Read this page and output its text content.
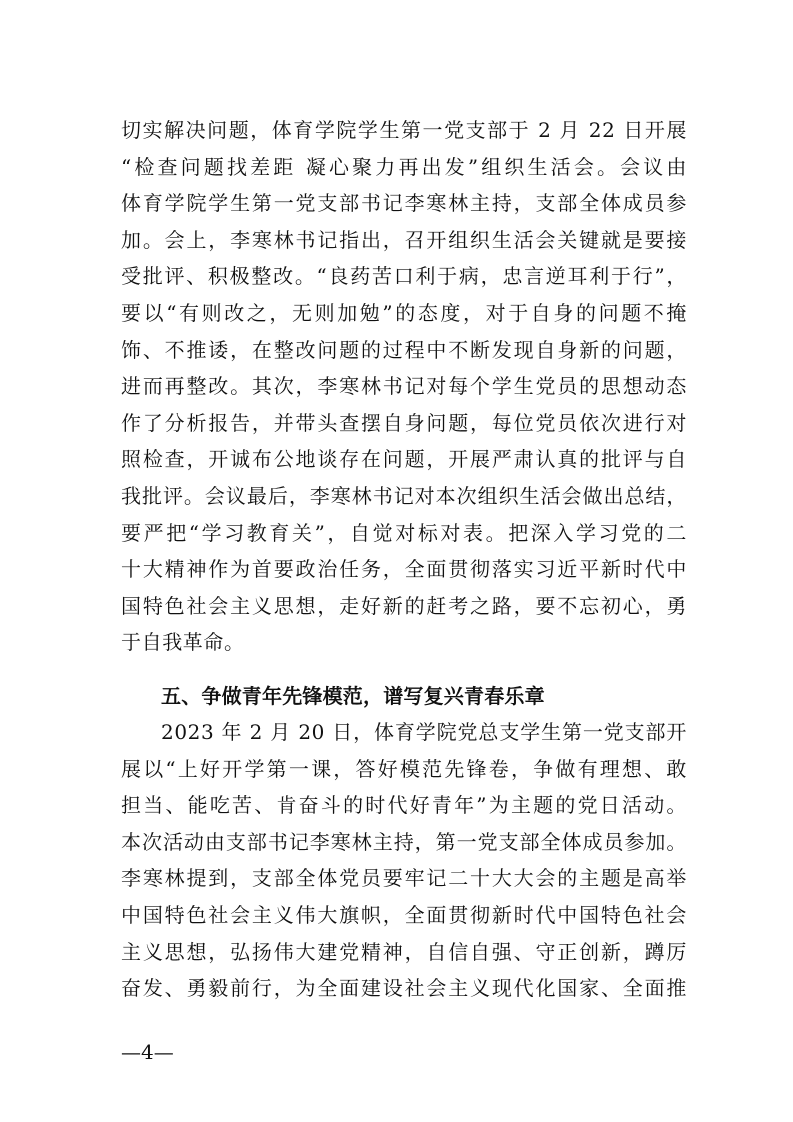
切实解决问题，体育学院学生第一党支部于 2 月 22 日开展
“检查问题找差距 凝心聚力再出发”组织生活会。会议由
体育学院学生第一党支部书记李寒林主持，支部全体成员参
加。会上，李寒林书记指出，召开组织生活会关键就是要接
受批评、积极整改。“良药苦口利于病，忠言逆耳利于行”，
要以“有则改之，无则加勉”的态度，对于自身的问题不掩
饰、不推诿，在整改问题的过程中不断发现自身新的问题，
进而再整改。其次，李寒林书记对每个学生党员的思想动态
作了分析报告，并带头查摆自身问题，每位党员依次进行对
照检查，开诚布公地谈存在问题，开展严肃认真的批评与自
我批评。会议最后，李寒林书记对本次组织生活会做出总结，
要严把“学习教育关”，自觉对标对表。把深入学习党的二
十大精神作为首要政治任务，全面贯彻落实习近平新时代中
国特色社会主义思想，走好新的赶考之路，要不忘初心，勇
于自我革命。
五、争做青年先锋模范，谱写复兴青春乐章
2023 年 2 月 20 日，体育学院党总支学生第一党支部开
展以“上好开学第一课，答好模范先锋卷，争做有理想、敢
担当、能吃苦、肯奋斗的时代好青年”为主题的党日活动。
本次活动由支部书记李寒林主持，第一党支部全体成员参加。
李寒林提到，支部全体党员要牢记二十大大会的主题是高举
中国特色社会主义伟大旗帜，全面贯彻新时代中国特色社会
主义思想，弘扬伟大建党精神，自信自强、守正创新，蹲厉
奋发、勇毅前行，为全面建设社会主义现代化国家、全面推
—4—
